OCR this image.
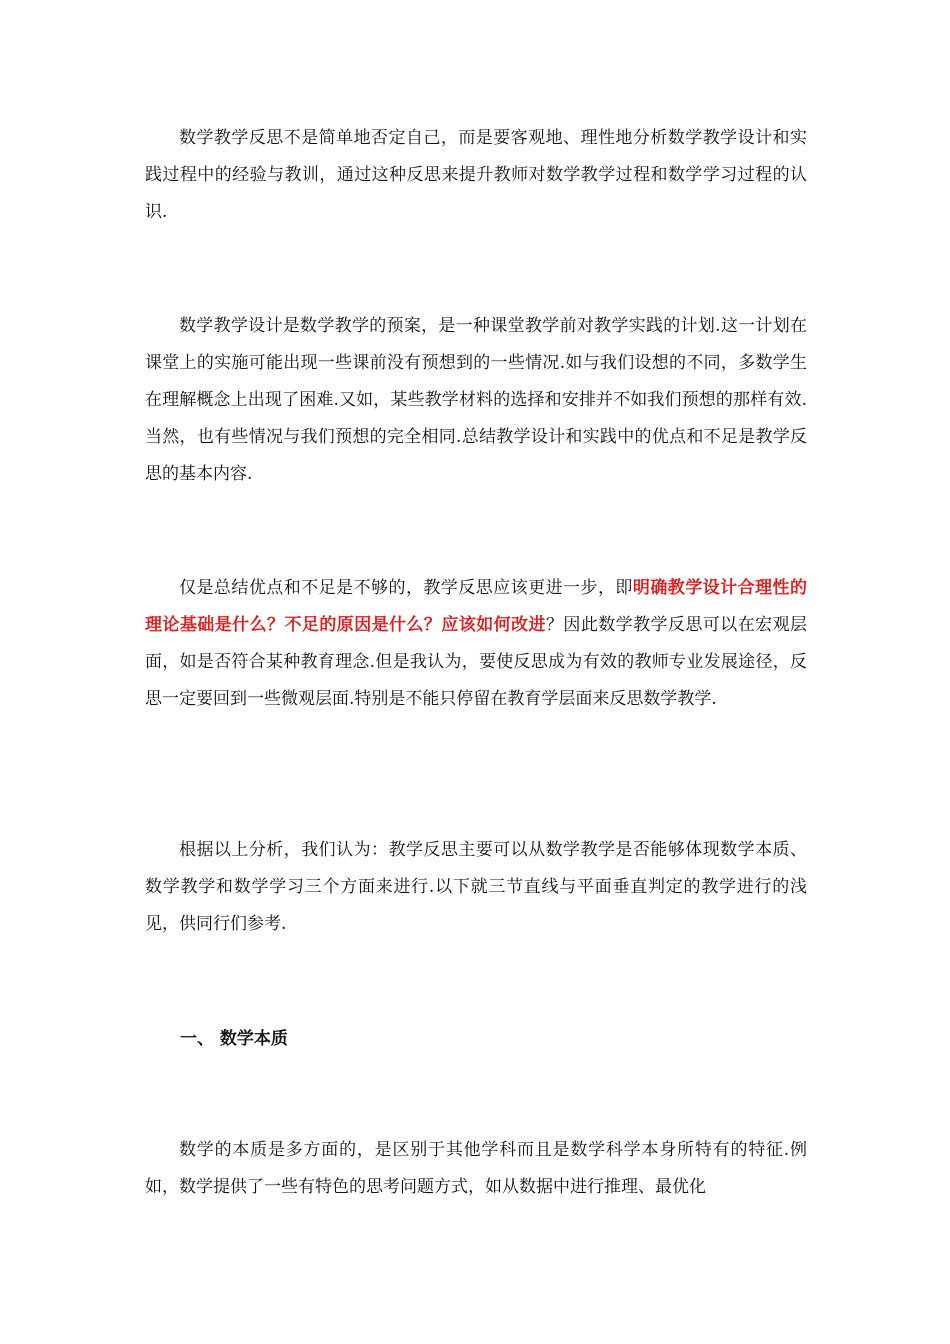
数学教学反思不是简单地否定自己，而是要客观地、理性地分析数学教学设计和实践过程中的经验与教训，通过这种反思来提升教师对数学教学过程和数学学习过程的认识.

数学教学设计是数学教学的预案，是一种课堂教学前对教学实践的计划.这一计划在课堂上的实施可能出现一些课前没有预想到的一些情况.如与我们设想的不同，多数学生在理解概念上出现了困难.又如，某些教学材料的选择和安排并不如我们预想的那样有效.当然，也有些情况与我们预想的完全相同.总结教学设计和实践中的优点和不足是教学反思的基本内容.

仅是总结优点和不足是不够的，教学反思应该更进一步，即明确教学设计合理性的理论基础是什么？不足的原因是什么？应该如何改进？因此数学教学反思可以在宏观层面，如是否符合某种教育理念.但是我认为，要使反思成为有效的教师专业发展途径，反思一定要回到一些微观层面.特别是不能只停留在教育学层面来反思数学教学.

根据以上分析，我们认为：教学反思主要可以从数学教学是否能够体现数学本质、数学教学和数学学习三个方面来进行.以下就三节直线与平面垂直判定的教学进行的浅见，供同行们参考.

一、 数学本质

数学的本质是多方面的，是区别于其他学科而且是数学科学本身所特有的特征.例如，数学提供了一些有特色的思考问题方式，如从数据中进行推理、最优化
